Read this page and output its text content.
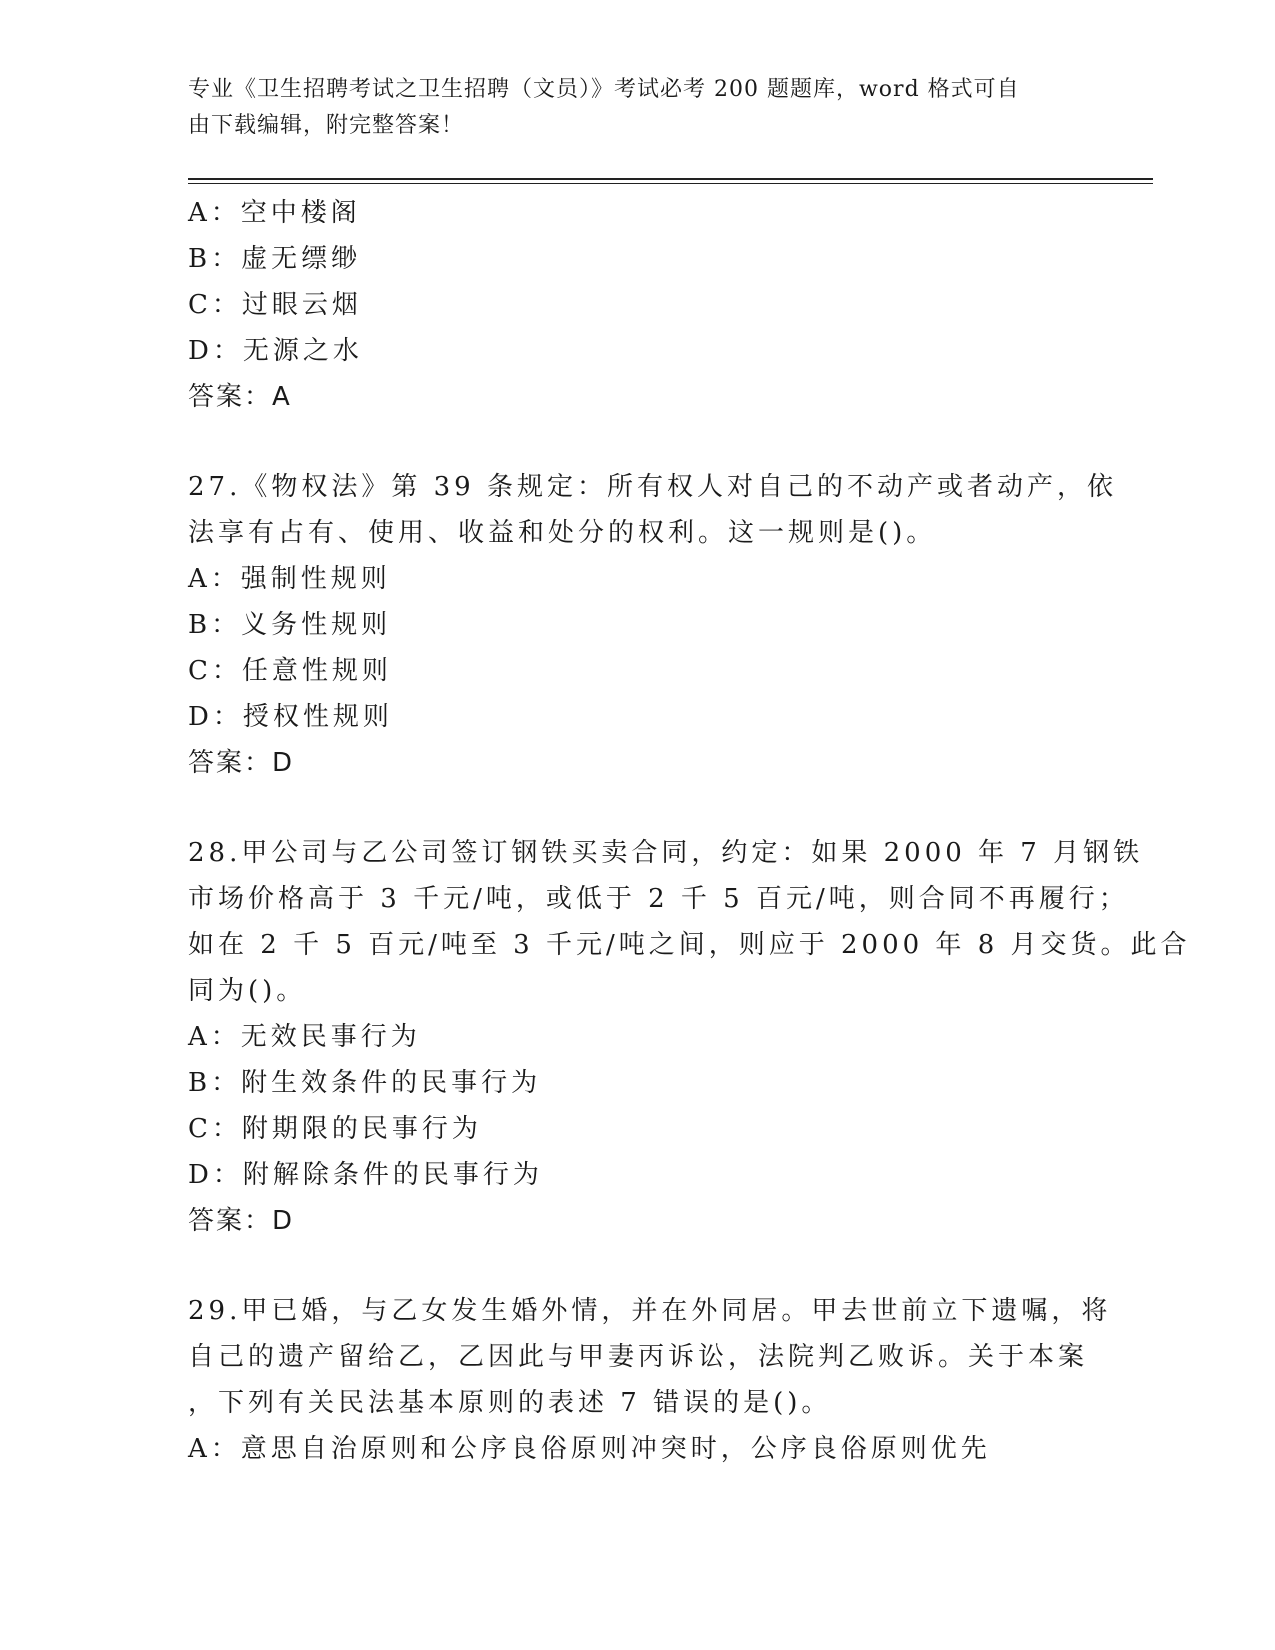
专业《卫生招聘考试之卫生招聘（文员）》考试必考 200 题题库，word 格式可自
由下载编辑，附完整答案！
A：空中楼阁
B：虚无缥缈
C：过眼云烟
D：无源之水
答案：A
27.《物权法》第 39 条规定：所有权人对自己的不动产或者动产，依
法享有占有、使用、收益和处分的权利。这一规则是()。
A：强制性规则
B：义务性规则
C：任意性规则
D：授权性规则
答案：D
28.甲公司与乙公司签订钢铁买卖合同，约定：如果 2000 年 7 月钢铁
市场价格高于 3 千元/吨，或低于 2 千 5 百元/吨，则合同不再履行；
如在 2 千 5 百元/吨至 3 千元/吨之间，则应于 2000 年 8 月交货。此合
同为()。
A：无效民事行为
B：附生效条件的民事行为
C：附期限的民事行为
D：附解除条件的民事行为
答案：D
29.甲已婚，与乙女发生婚外情，并在外同居。甲去世前立下遗嘱，将
自己的遗产留给乙，乙因此与甲妻丙诉讼，法院判乙败诉。关于本案
，下列有关民法基本原则的表述 7 错误的是()。
A：意思自治原则和公序良俗原则冲突时，公序良俗原则优先
